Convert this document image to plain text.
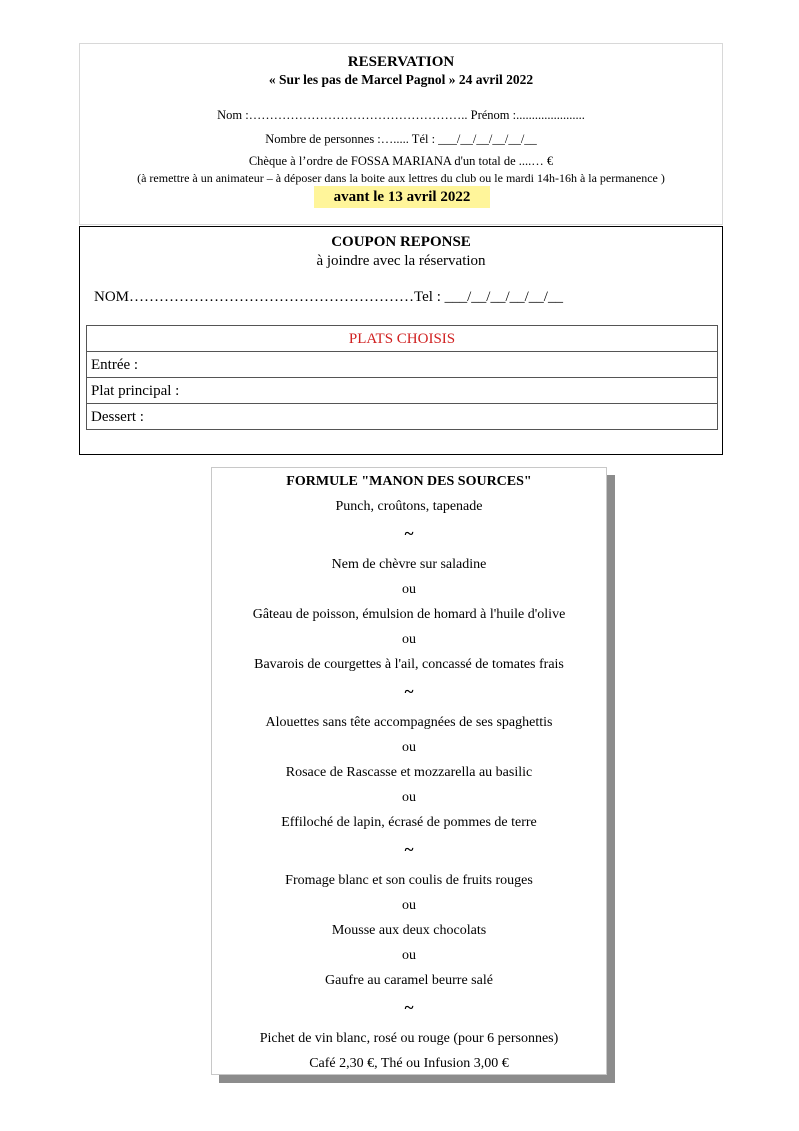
RESERVATION
« Sur les pas de Marcel Pagnol » 24 avril 2022
Nom :…………………………………………….. Prénom :......................
Nombre de personnes :…..... Tél : ___/__/__/__/__/__
Chèque à l’ordre de FOSSA MARIANA d'un total de ....… €
(à remettre à un animateur – à déposer dans la boite aux lettres du club ou le mardi 14h-16h à la permanence )
avant le 13 avril 2022
COUPON REPONSE
à joindre avec la réservation
NOM…………………………………………………Tel : ___/__/__/__/__/__
PLATS CHOISIS
Entrée :
Plat principal :
Dessert :
FORMULE "MANON DES SOURCES"
Punch, croûtons, tapenade
~
Nem de chèvre sur saladine
ou
Gâteau de poisson, émulsion de homard à l'huile d'olive
ou
Bavarois de courgettes à l'ail, concassé de tomates frais
~
Alouettes sans tête accompagnées de ses spaghettis
ou
Rosace de Rascasse et mozzarella au basilic
ou
Effiloché de lapin, écrasé de pommes de terre
~
Fromage blanc et son coulis de fruits rouges
ou
Mousse aux deux chocolats
ou
Gaufre au caramel beurre salé
~
Pichet de vin blanc, rosé ou rouge (pour 6 personnes)
Café 2,30 €, Thé ou Infusion 3,00 €
